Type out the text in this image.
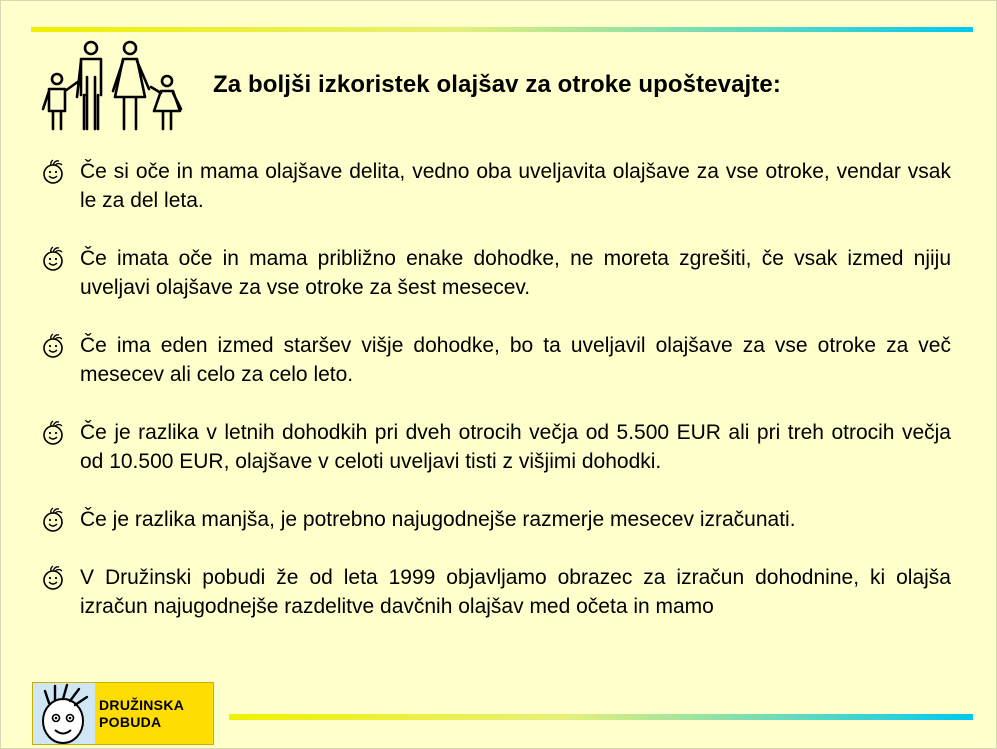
Za boljši izkoristek olajšav za otroke upoštevajte:
Če si oče in mama olajšave delita, vedno oba uveljavita olajšave za vse otroke, vendar vsak le za del leta.
Če imata oče in mama približno enake dohodke, ne moreta zgrešiti, če vsak izmed njiju uveljavi olajšave za vse otroke za šest mesecev.
Če ima eden izmed staršev višje dohodke, bo ta uveljavil olajšave za vse otroke za več mesecev ali celo za celo leto.
Če je razlika v letnih dohodkih pri dveh otrocih večja od 5.500 EUR ali pri treh otrocih večja od 10.500 EUR, olajšave v celoti uveljavi tisti z višjimi dohodki.
Če je razlika manjša, je potrebno najugodnejše razmerje mesecev izračunati.
V Družinski pobudi že od leta 1999 objavljamo obrazec za izračun dohodnine, ki olajša izračun najugodnejše razdelitve davčnih olajšav med očeta in mamo
DRUŽINSKA
POBUDA
